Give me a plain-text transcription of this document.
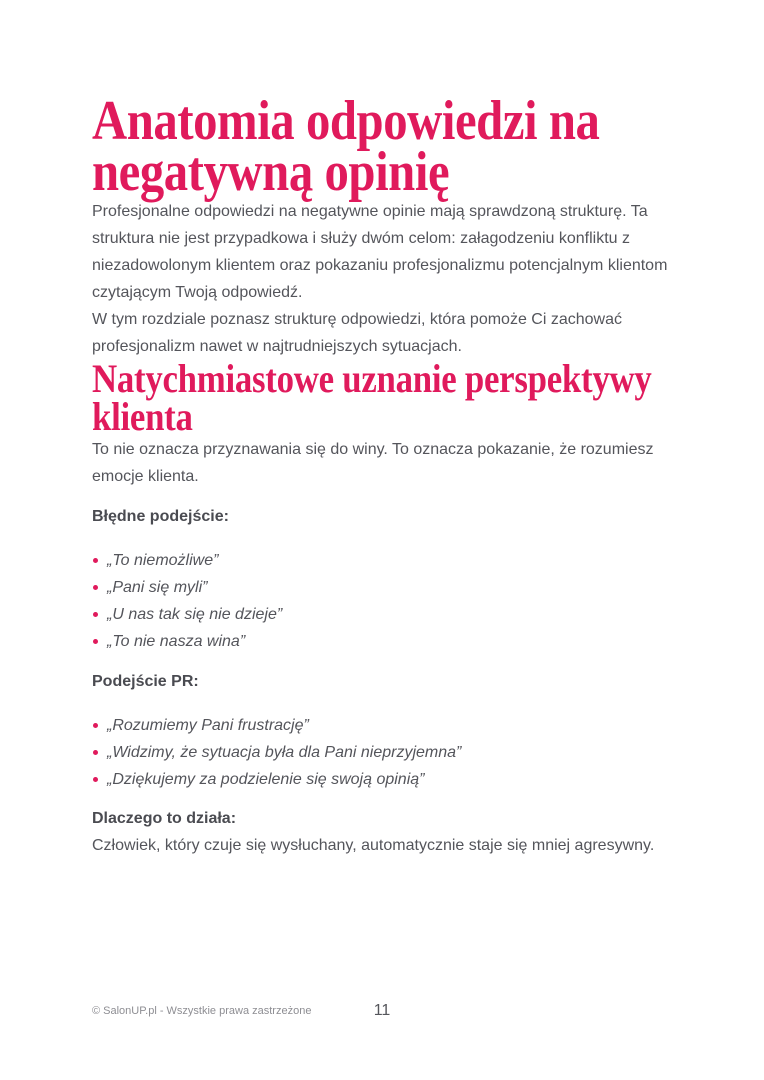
Anatomia odpowiedzi na
negatywną opinię

Profesjonalne odpowiedzi na negatywne opinie mają sprawdzoną strukturę. Ta struktura nie jest przypadkowa i służy dwóm celom: załagodzeniu konfliktu z niezadowolonym klientem oraz pokazaniu profesjonalizmu potencjalnym klientom czytającym Twoją odpowiedź.

W tym rozdziale poznasz strukturę odpowiedzi, która pomoże Ci zachować profesjonalizm nawet w najtrudniejszych sytuacjach.

Natychmiastowe uznanie perspektywy
klienta

To nie oznacza przyznawania się do winy. To oznacza pokazanie, że rozumiesz emocje klienta.

Błędne podejście:

„To niemożliwe”
„Pani się myli”
„U nas tak się nie dzieje”
„To nie nasza wina”

Podejście PR:

„Rozumiemy Pani frustrację”
„Widzimy, że sytuacja była dla Pani nieprzyjemna”
„Dziękujemy za podzielenie się swoją opinią”

Dlaczego to działa:

Człowiek, który czuje się wysłuchany, automatycznie staje się mniej agresywny.

© SalonUP.pl - Wszystkie prawa zastrzeżone	11
